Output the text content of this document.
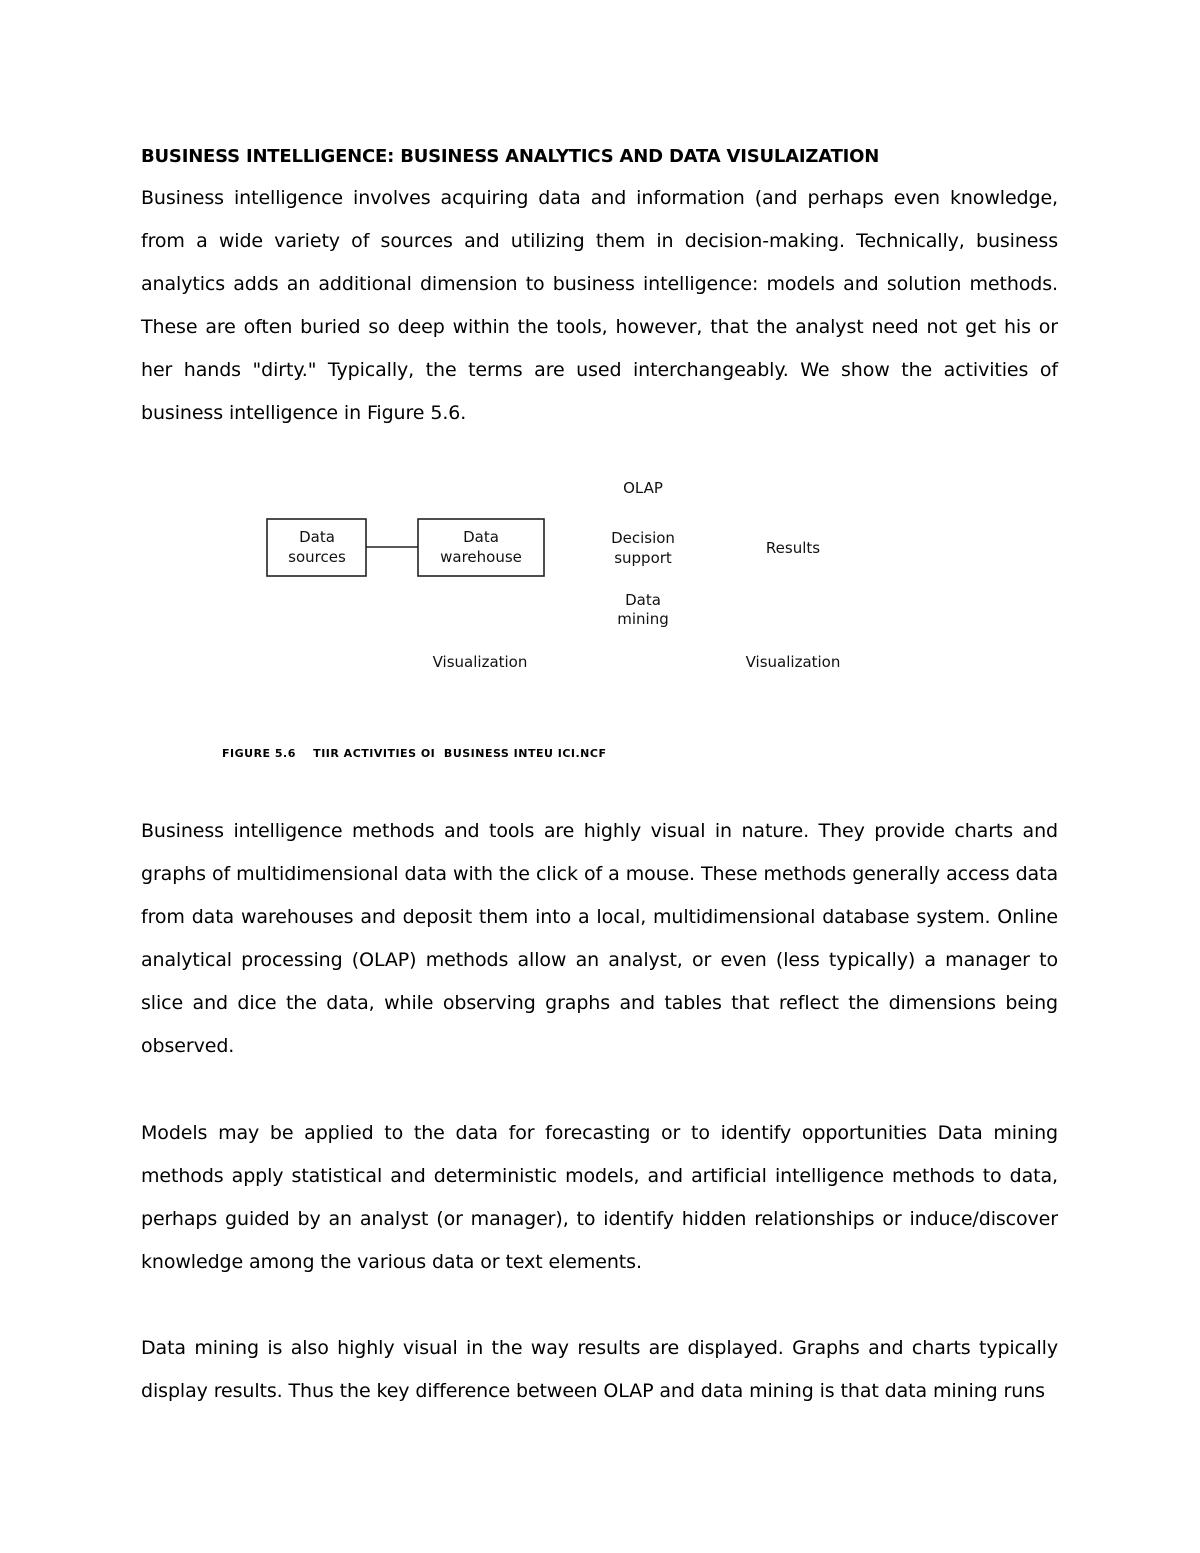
BUSINESS INTELLIGENCE: BUSINESS ANALYTICS AND DATA VISULAIZATION

Business intelligence involves acquiring data and information (and perhaps even knowledge, from a wide variety of sources and utilizing them in decision-making. Technically, business analytics adds an additional dimension to business intelligence: models and solution methods. These are often buried so deep within the tools, however, that the analyst need not get his or her hands "dirty." Typically, the terms are used interchangeably. We show the activities of business intelligence in Figure 5.6.

Data
sources
Data
warehouse
OLAP
Decision
support
Data
mining
Results
Visualization	Visualization
FIGURE 5.6    TIIR ACTIVITIES OI  BUSINESS INTEU ICI.NCF

Business intelligence methods and tools are highly visual in nature. They provide charts and graphs of multidimensional data with the click of a mouse. These methods generally access data from data warehouses and deposit them into a local, multidimensional database system. Online analytical processing (OLAP) methods allow an analyst, or even (less typically) a manager to slice and dice the data, while observing graphs and tables that reflect the dimensions being observed.

Models may be applied to the data for forecasting or to identify opportunities Data mining methods apply statistical and deterministic models, and artificial intelligence methods to data, perhaps guided by an analyst (or manager), to identify hidden relationships or induce/discover knowledge among the various data or text elements.

Data mining is also highly visual in the way results are displayed. Graphs and charts typically display results. Thus the key difference between OLAP and data mining is that data mining runs
